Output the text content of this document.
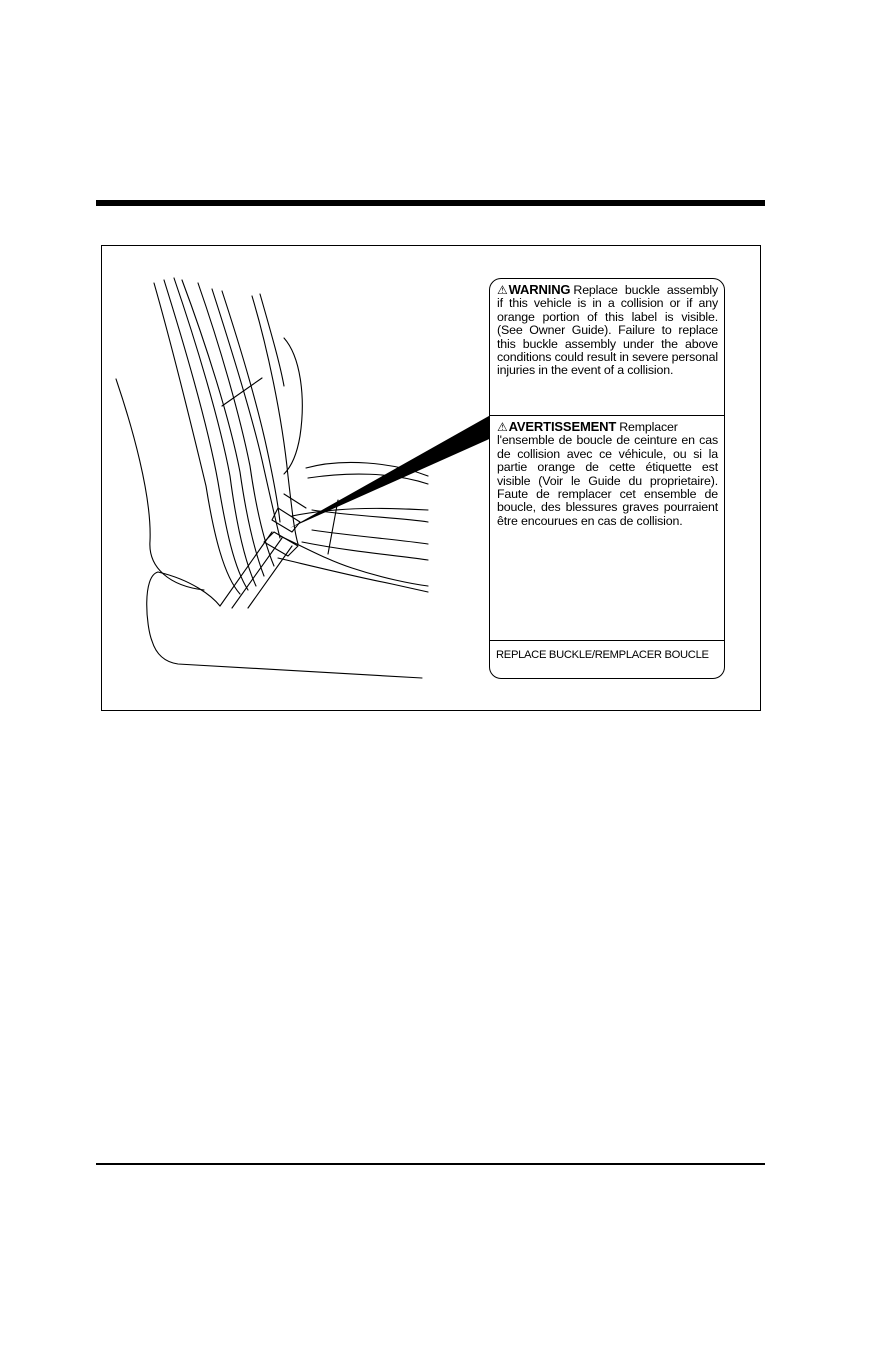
⚠WARNING Replace buckle assembly if this vehicle is in a collision or if any orange portion of this label is visible. (See Owner Guide). Failure to replace this buckle assembly under the above conditions could result in severe personal injuries in the event of a collision.
⚠AVERTISSEMENT Remplacer l'ensemble de boucle de ceinture en cas de collision avec ce véhicule, ou si la partie orange de cette étiquette est visible (Voir le Guide du proprietaire). Faute de remplacer cet ensemble de boucle, des blessures graves pourraient être encourues en cas de collision.
REPLACE BUCKLE/REMPLACER BOUCLE
